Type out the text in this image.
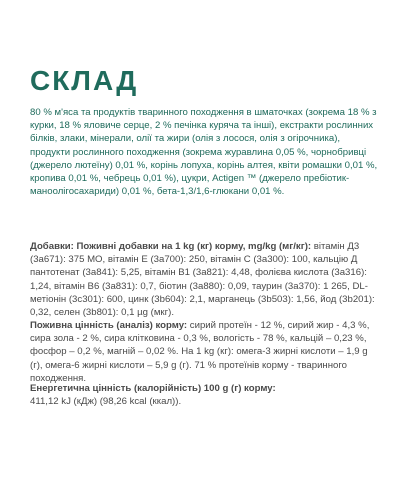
СКЛАД

80 % м'яса та продуктів тваринного походження в шматочках (зокрема 18 % з курки, 18 % яловиче серце, 2 % печінка куряча та інші), екстракти рослинних білків, злаки, мінерали, олії та жири (олія з лосося, олія з огірочника), продукти рослинного походження (зокрема журавлина 0,05 %, чорнобривці (джерело лютеїну) 0,01 %, корінь лопуха, корінь алтея, квіти ромашки 0,01 %, кропива 0,01 %, чебрець 0,01 %), цукри, Actigen ™ (джерело пребіотик-маноолігосахариди) 0,01 %, бета-1,3/1,6-глюкани 0,01 %.

Добавки: Поживні добавки на 1 kg (кг) корму, mg/kg (мг/кг): вітамін Д3 (3а671): 375 МО, вітамін Е (3а700): 250, вітамін С (3а300): 100, кальцію Д пантотенат (3а841): 5,25, вітамін В1 (3а821): 4,48, фолієва кислота (3а316): 1,24, вітамін В6 (3а831): 0,7, біотин (3а880): 0,09, таурин (3а370): 1 265, DL-метіонін (3с301): 600, цинк (3b604): 2,1, марганець (3b503): 1,56, йод (3b201): 0,32, селен (3b801): 0,1 µg (мкг).

Поживна цінність (аналіз) корму: сирий протеїн - 12 %, сирий жир - 4,3 %, сира зола - 2 %, сира клітковина - 0,3 %, вологість - 78 %, кальцій – 0,23 %, фосфор – 0,2 %, магній – 0,02 %. На 1 kg (кг): омега-3 жирні кислоти – 1,9 g (г), омега-6 жирні кислоти – 5,9 g (г). 71 % протеїнів корму - тваринного походження.

Енергетична цінність (калорійність) 100 g (г) корму:
411,12 kJ (кДж) (98,26 kcal (ккал)).
